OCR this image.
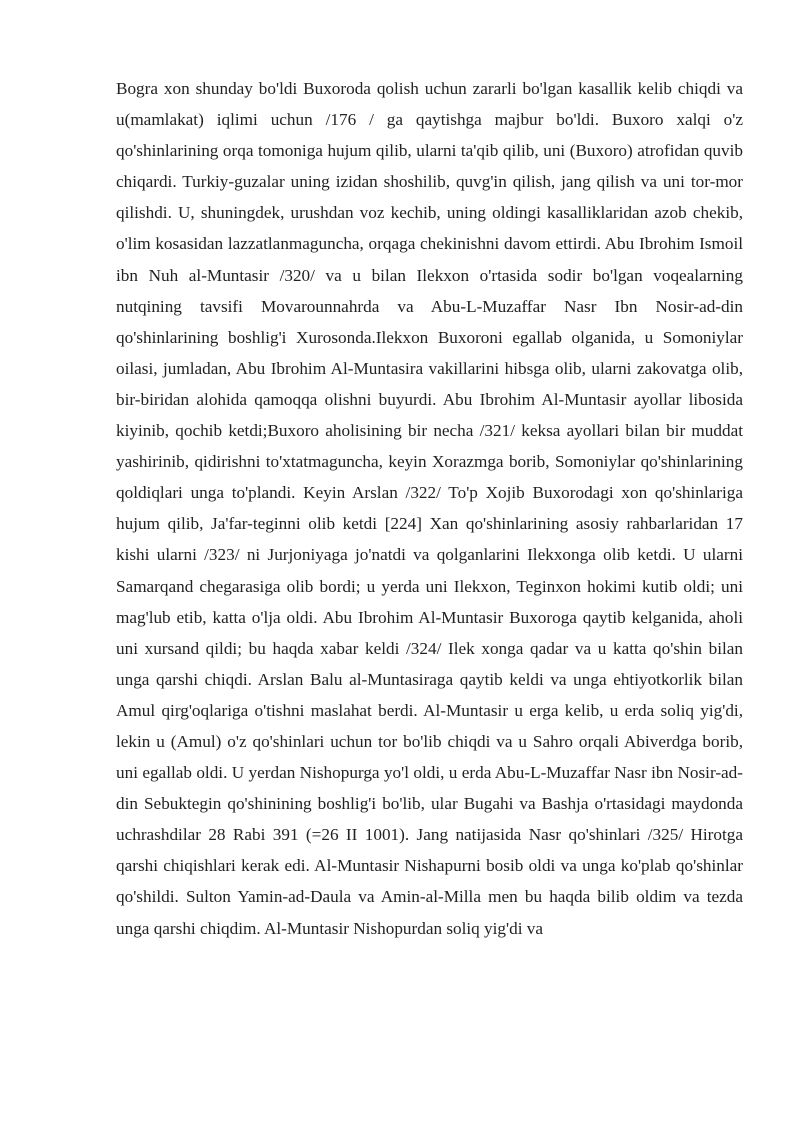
Bogra xon shunday bo'ldi Buxoroda qolish uchun zararli bo'lgan kasallik kelib chiqdi va u(mamlakat) iqlimi uchun /176 / ga qaytishga majbur bo'ldi. Buxoro xalqi o'z qo'shinlarining orqa tomoniga hujum qilib, ularni ta'qib qilib, uni (Buxoro) atrofidan quvib chiqardi. Turkiy-guzalar uning izidan shoshilib, quvg'in qilish, jang qilish va uni tor-mor qilishdi. U, shuningdek, urushdan voz kechib, uning oldingi kasalliklaridan azob chekib, o'lim kosasidan lazzatlanmaguncha, orqaga chekinishni davom ettirdi. Abu Ibrohim Ismoil ibn Nuh al-Muntasir /320/ va u bilan Ilekxon o'rtasida sodir bo'lgan voqealarning nutqining tavsifi Movarounnahrda va Abu-L-Muzaffar Nasr Ibn Nosir-ad-din qo'shinlarining boshlig'i Xurosonda.Ilekxon Buxoroni egallab olganida, u Somoniylar oilasi, jumladan, Abu Ibrohim Al-Muntasira vakillarini hibsga olib, ularni zakovatga olib, bir-biridan alohida qamoqqa olishni buyurdi. Abu Ibrohim Al-Muntasir ayollar libosida kiyinib, qochib ketdi;Buxoro aholisining bir necha /321/ keksa ayollari bilan bir muddat yashirinib, qidirishni to'xtatmaguncha, keyin Xorazmga borib, Somoniylar qo'shinlarining qoldiqlari unga to'plandi. Keyin Arslan /322/ To'p Xojib Buxorodagi xon qo'shinlariga hujum qilib, Ja'far-teginni olib ketdi [224] Xan qo'shinlarining asosiy rahbarlaridan 17 kishi ularni /323/ ni Jurjoniyaga jo'natdi va qolganlarini Ilekxonga olib ketdi. U ularni Samarqand chegarasiga olib bordi; u yerda uni Ilekxon, Teginxon hokimi kutib oldi; uni mag'lub etib, katta o'lja oldi. Abu Ibrohim Al-Muntasir Buxoroga qaytib kelganida, aholi uni xursand qildi; bu haqda xabar keldi /324/ Ilek xonga qadar va u katta qo'shin bilan unga qarshi chiqdi. Arslan Balu al-Muntasiraga qaytib keldi va unga ehtiyotkorlik bilan Amul qirg'oqlariga o'tishni maslahat berdi. Al-Muntasir u erga kelib, u erda soliq yig'di, lekin u (Amul) o'z qo'shinlari uchun tor bo'lib chiqdi va u Sahro orqali Abiverdga borib, uni egallab oldi. U yerdan Nishopurga yo'l oldi, u erda Abu-L-Muzaffar Nasr ibn Nosir-ad-din Sebuktegin qo'shinining boshlig'i bo'lib, ular Bugahi va Bashja o'rtasidagi maydonda uchrashdilar 28 Rabi 391 (=26 II 1001). Jang natijasida Nasr qo'shinlari /325/ Hirotga qarshi chiqishlari kerak edi. Al-Muntasir Nishapurni bosib oldi va unga ko'plab qo'shinlar qo'shildi. Sulton Yamin-ad-Daula va Amin-al-Milla men bu haqda bilib oldim va tezda unga qarshi chiqdim. Al-Muntasir Nishopurdan soliq yig'di va
